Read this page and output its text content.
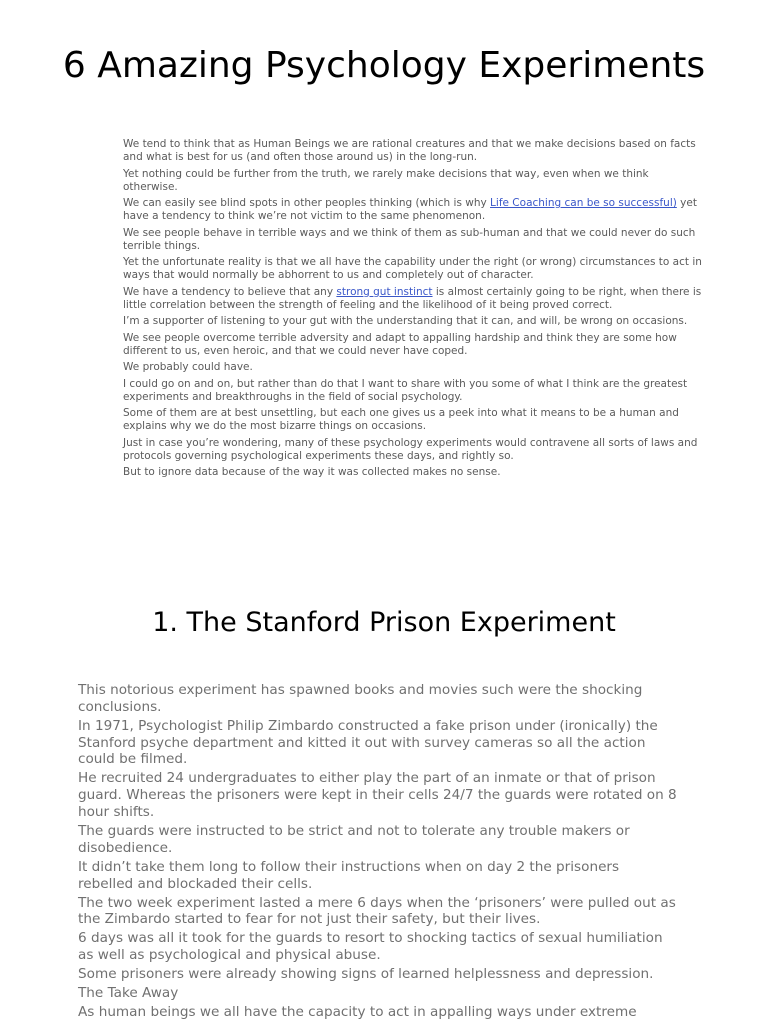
6 Amazing Psychology Experiments

We tend to think that as Human Beings we are rational creatures and that we make decisions based on facts and what is best for us (and often those around us) in the long-run.

Yet nothing could be further from the truth, we rarely make decisions that way, even when we think otherwise.

We can easily see blind spots in other peoples thinking (which is why Life Coaching can be so successful) yet have a tendency to think we’re not victim to the same phenomenon.

We see people behave in terrible ways and we think of them as sub-human and that we could never do such terrible things.

Yet the unfortunate reality is that we all have the capability under the right (or wrong) circumstances to act in ways that would normally be abhorrent to us and completely out of character.

We have a tendency to believe that any strong gut instinct is almost certainly going to be right, when there is little correlation between the strength of feeling and the likelihood of it being proved correct.

I’m a supporter of listening to your gut with the understanding that it can, and will, be wrong on occasions.

We see people overcome terrible adversity and adapt to appalling hardship and think they are some how different to us, even heroic, and that we could never have coped.

We probably could have.

I could go on and on, but rather than do that I want to share with you some of what I think are the greatest experiments and breakthroughs in the field of social psychology.

Some of them are at best unsettling, but each one gives us a peek into what it means to be a human and explains why we do the most bizarre things on occasions.

Just in case you’re wondering, many of these psychology experiments would contravene all sorts of laws and protocols governing psychological experiments these days, and rightly so.

But to ignore data because of the way it was collected makes no sense.

1. The Stanford Prison Experiment

This notorious experiment has spawned books and movies such were the shocking conclusions.

In 1971, Psychologist Philip Zimbardo constructed a fake prison under (ironically) the Stanford psyche department and kitted it out with survey cameras so all the action could be filmed.

He recruited 24 undergraduates to either play the part of an inmate or that of prison guard. Whereas the prisoners were kept in their cells 24/7 the guards were rotated on 8 hour shifts.

The guards were instructed to be strict and not to tolerate any trouble makers or disobedience.

It didn’t take them long to follow their instructions when on day 2 the prisoners rebelled and blockaded their cells.

The two week experiment lasted a mere 6 days when the ‘prisoners’ were pulled out as the Zimbardo started to fear for not just their safety, but their lives.

6 days was all it took for the guards to resort to shocking tactics of sexual humiliation as well as psychological and physical abuse.

Some prisoners were already showing signs of learned helplessness and depression.

The Take Away

As human beings we all have the capacity to act in appalling ways under extreme
